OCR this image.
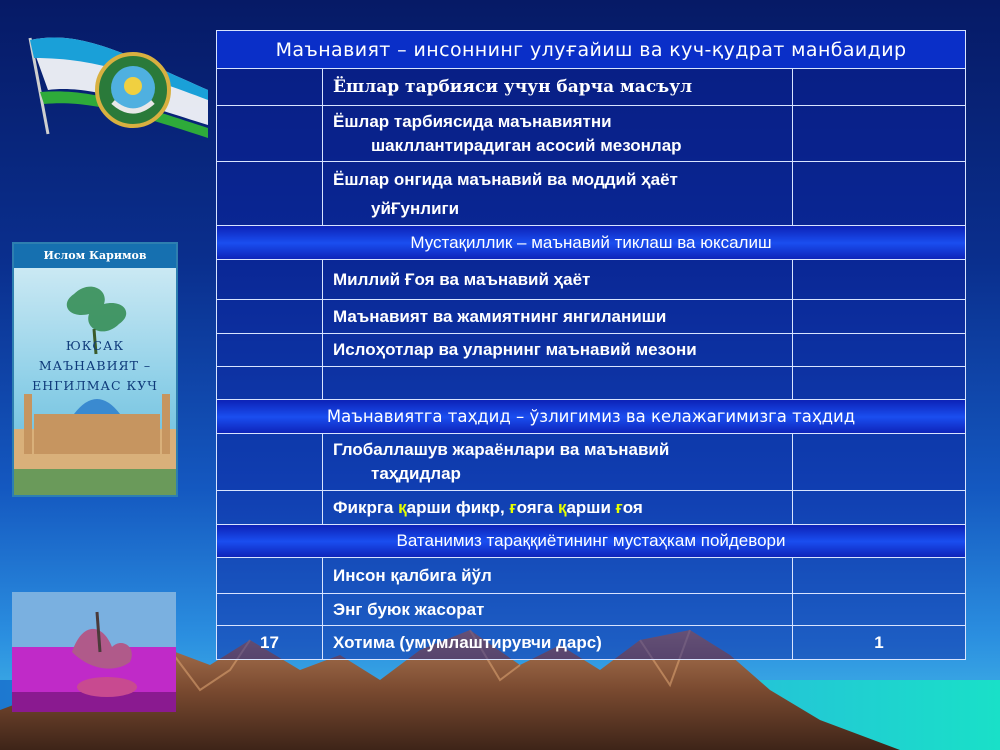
Ислом Каримов
ЮКСАК
МАЪНАВИЯТ –
ЕНГИЛМАС КУЧ
Маънавият – инсоннинг улуғайиш ва куч-қудрат манбаидир		
	Ёшлар тарбияси учун барча масъул	
	Ёшлар тарбиясида маънавиятни
шакллантирадиган асосий мезонлар	

	Ёшлар онгида маънавий ва моддий ҳаёт
уйҒунлиги	

Мустақиллик – маънавий тиклаш ва юксалиш		
	Миллий Ғоя ва маънавий ҳаёт	
	Маънавият ва жамиятнинг янгиланиши	
	Ислоҳотлар ва уларнинг маънавий мезони	

Маънавиятга таҳдид – ўзлигимиз ва келажагимизга таҳдид		
	Глобаллашув жараёнлари ва маънавий
таҳдидлар	

	Фикрга қарши фикр, ғояга қарши ғоя	
Ватанимиз тараққиётининг мустаҳкам пойдевори		
	Инсон қалбига йўл	
	Энг буюк жасорат	
17	Хотима (умумлаштирувчи дарс)	1
